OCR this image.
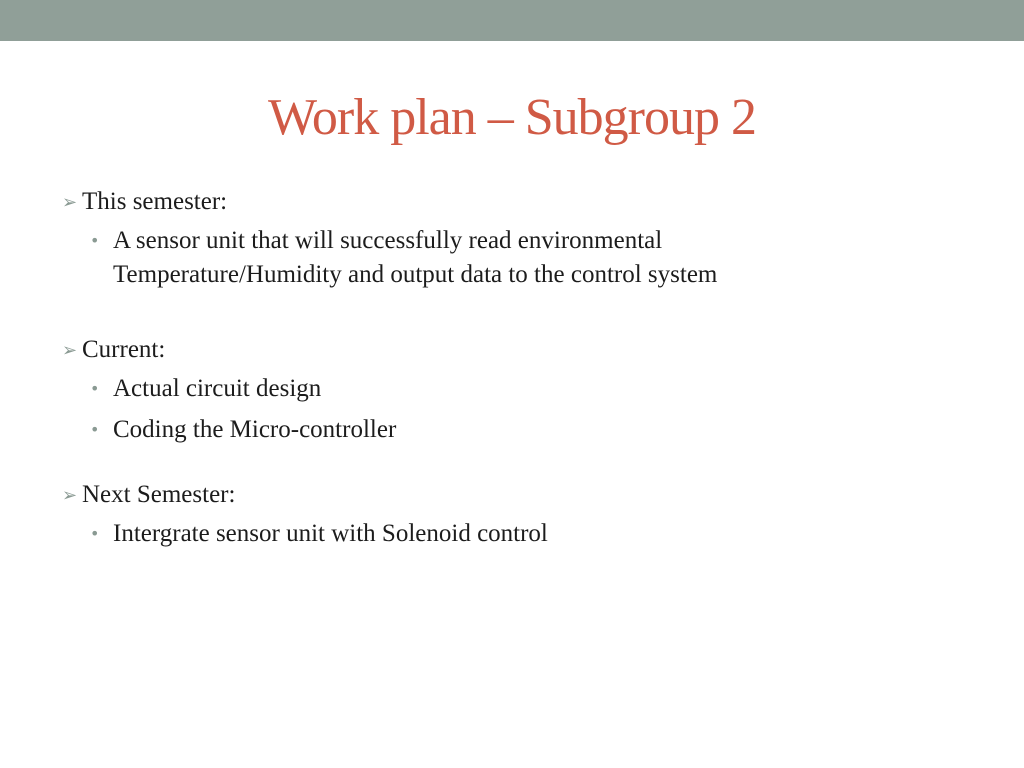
Work plan – Subgroup 2
➢ This semester:
• A sensor unit that will successfully read environmental
Temperature/Humidity and output data to the control system
➢ Current:
• Actual circuit design
• Coding the Micro-controller
➢ Next Semester:
• Intergrate sensor unit with Solenoid control
